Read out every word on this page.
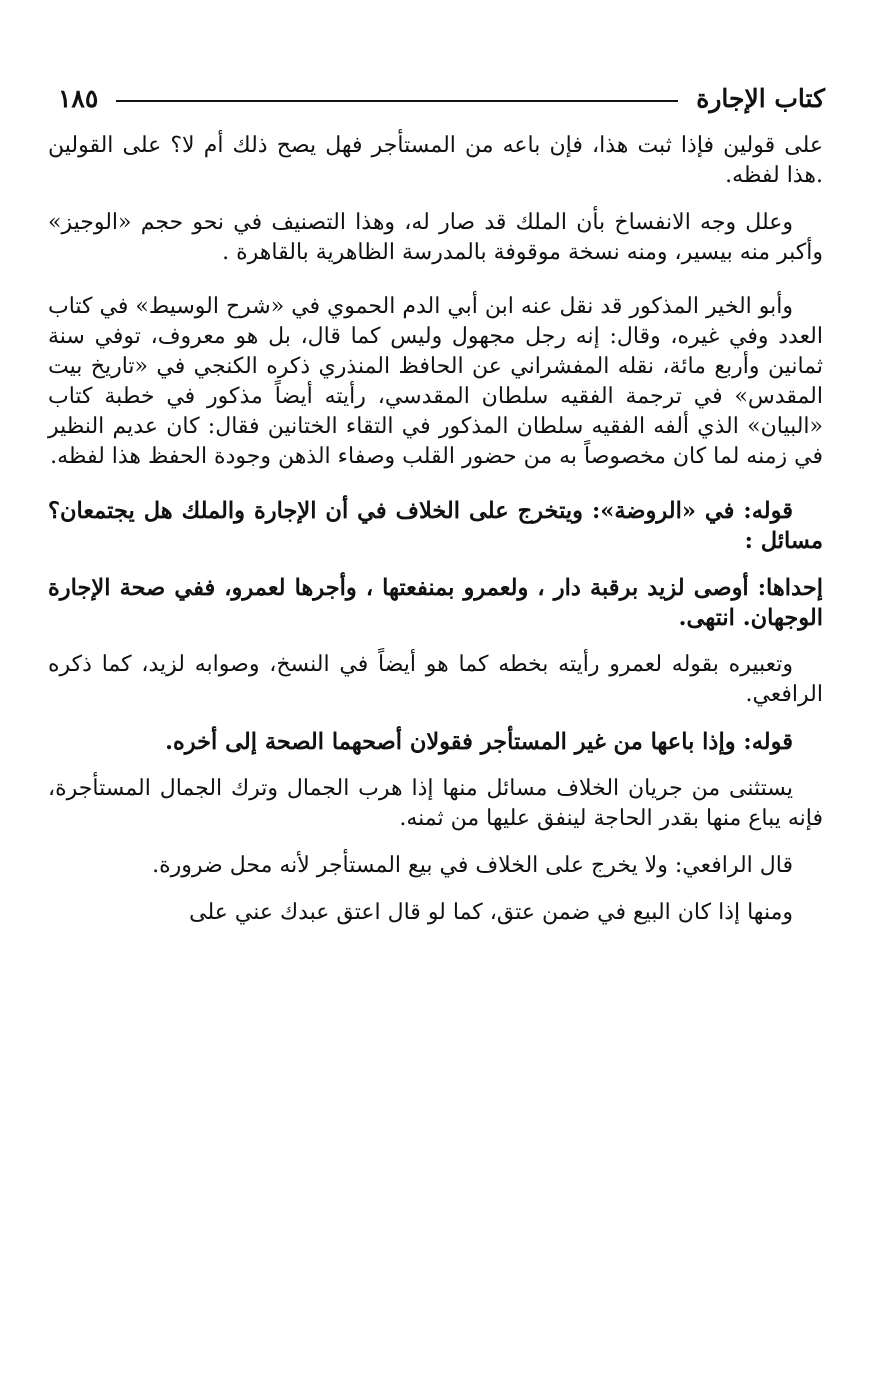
كتاب الإجارة
١٨٥

على قولين فإذا ثبت هذا، فإن باعه من المستأجر فهل يصح ذلك أم لا؟ على القولين .هذا لفظه.

وعلل وجه الانفساخ بأن الملك قد صار له، وهذا التصنيف في نحو حجم «الوجيز» وأكبر منه بيسير، ومنه نسخة موقوفة بالمدرسة الظاهرية بالقاهرة .

وأبو الخير المذكور قد نقل عنه ابن أبي الدم الحموي في «شرح الوسيط» في كتاب العدد وفي غيره، وقال: إنه رجل مجهول وليس كما قال، بل هو معروف، توفي سنة ثمانين وأربع مائة، نقله المفشراني عن الحافظ المنذري ذكره الكنجي في «تاريخ بيت المقدس» في ترجمة الفقيه سلطان المقدسي، رأيته أيضاً مذكور في خطبة كتاب «البيان» الذي ألفه الفقيه سلطان المذكور في التقاء الختانين فقال: كان عديم النظير في زمنه لما كان مخصوصاً به من حضور القلب وصفاء الذهن وجودة الحفظ هذا لفظه.

قوله: في «الروضة»: ويتخرج على الخلاف في أن الإجارة والملك هل يجتمعان؟ مسائل :

إحداها: أوصى لزيد برقبة دار ، ولعمرو بمنفعتها ، وأجرها لعمرو، ففي صحة الإجارة الوجهان. انتهى.

وتعبيره بقوله لعمرو رأيته بخطه كما هو أيضاً في النسخ، وصوابه لزيد، كما ذكره الرافعي.

قوله: وإذا باعها من غير المستأجر فقولان أصحهما الصحة إلى أخره.

يستثنى من جريان الخلاف مسائل منها إذا هرب الجمال وترك الجمال المستأجرة، فإنه يباع منها بقدر الحاجة لينفق عليها من ثمنه.

قال الرافعي: ولا يخرج على الخلاف في بيع المستأجر لأنه محل ضرورة.

ومنها إذا كان البيع في ضمن عتق، كما لو قال اعتق عبدك عني على
